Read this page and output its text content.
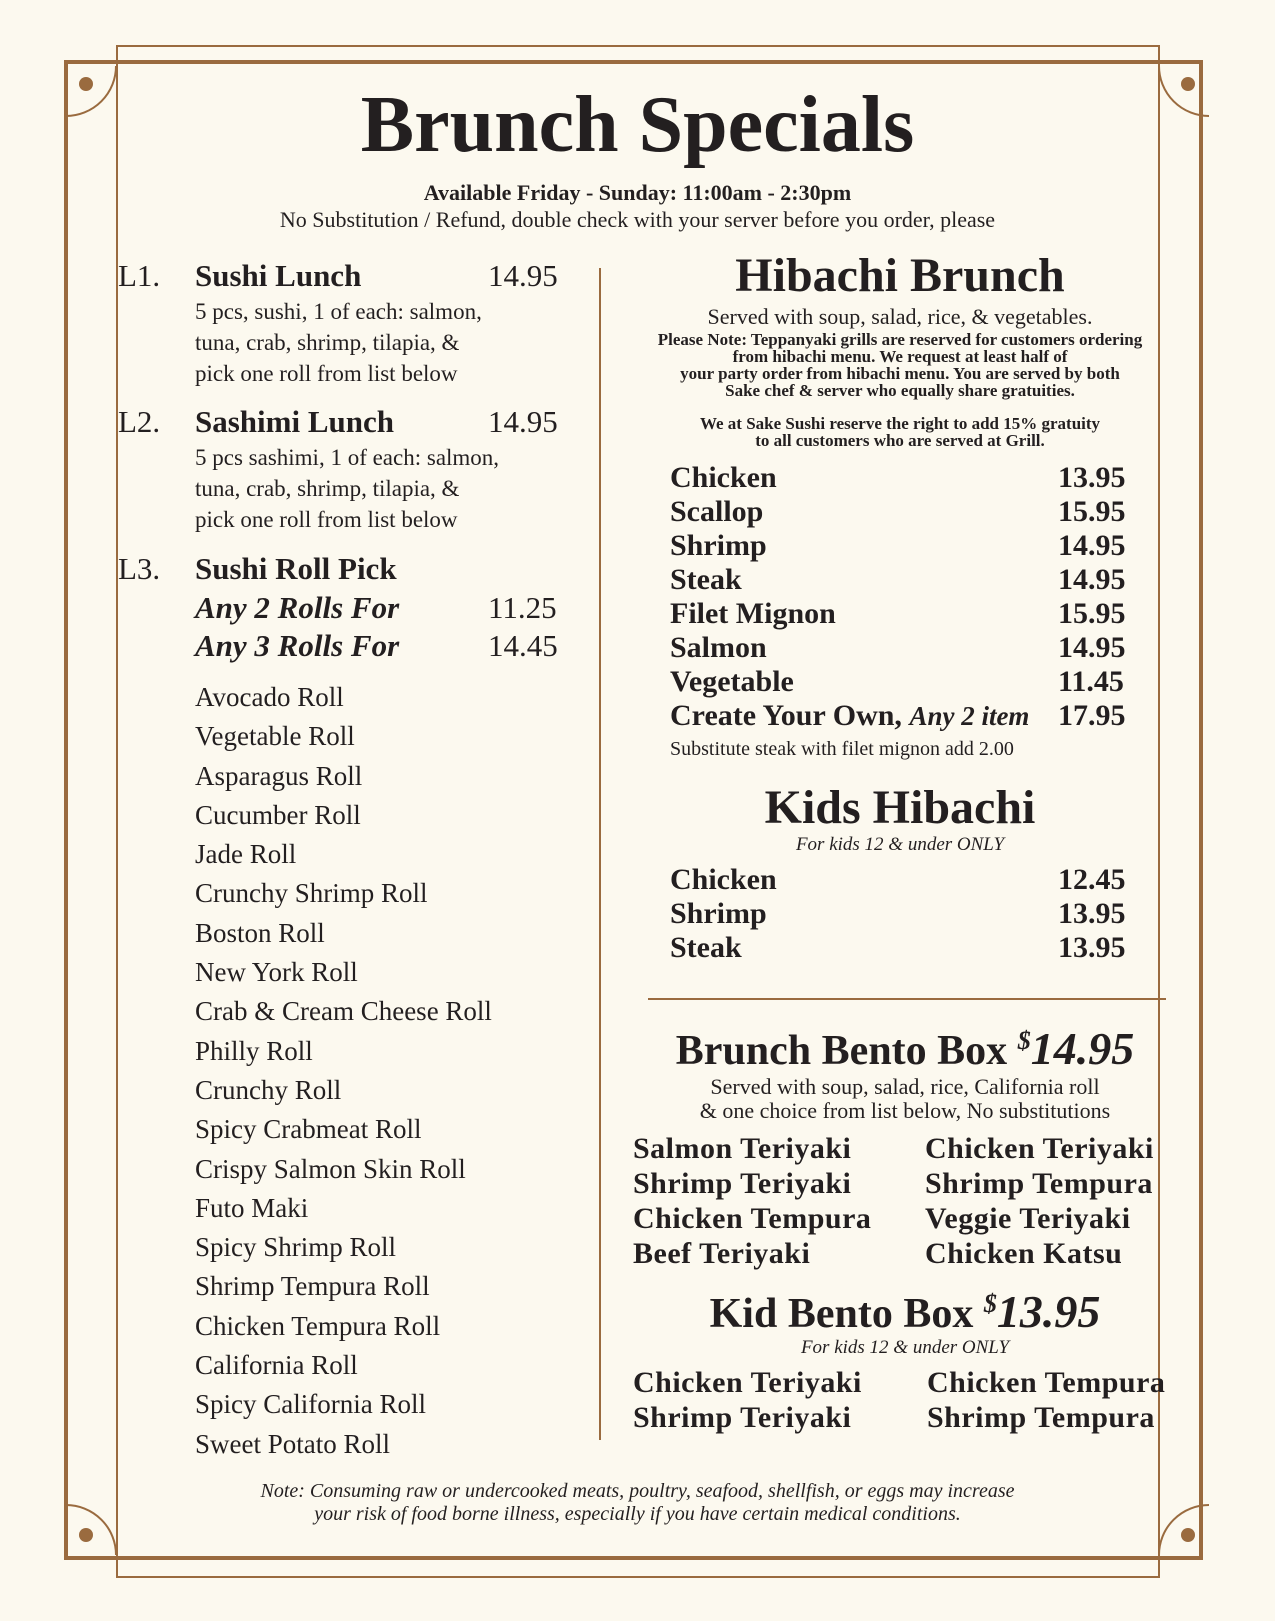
Brunch Specials
Available Friday - Sunday: 11:00am - 2:30pm
No Substitution / Refund, double check with your server before you order, please
L1. Sushi Lunch	14.95
5 pcs, sushi, 1 of each: salmon,
tuna, crab, shrimp, tilapia, &
pick one roll from list below
L2. Sashimi Lunch	14.95
5 pcs sashimi, 1 of each: salmon,
tuna, crab, shrimp, tilapia, &
pick one roll from list below
L3. Sushi Roll Pick
Any 2 Rolls For	11.25
Any 3 Rolls For	14.45
Avocado Roll
Vegetable Roll
Asparagus Roll
Cucumber Roll
Jade Roll
Crunchy Shrimp Roll
Boston Roll
New York Roll
Crab & Cream Cheese Roll
Philly Roll
Crunchy Roll
Spicy Crabmeat Roll
Crispy Salmon Skin Roll
Futo Maki
Spicy Shrimp Roll
Shrimp Tempura Roll
Chicken Tempura Roll
California Roll
Spicy California Roll
Sweet Potato Roll
Hibachi Brunch
Served with soup, salad, rice, & vegetables.
Please Note: Teppanyaki grills are reserved for customers ordering
from hibachi menu. We request at least half of
your party order from hibachi menu. You are served by both
Sake chef & server who equally share gratuities.
We at Sake Sushi reserve the right to add 15% gratuity
to all customers who are served at Grill.
Chicken	13.95
Scallop	15.95
Shrimp	14.95
Steak	14.95
Filet Mignon	15.95
Salmon	14.95
Vegetable	11.45
Create Your Own, Any 2 item 17.95
Substitute steak with filet mignon add 2.00
Kids Hibachi
For kids 12 & under ONLY
Chicken	12.45
Shrimp	13.95
Steak	13.95
Brunch Bento Box $14.95
Served with soup, salad, rice, California roll
& one choice from list below, No substitutions
Salmon Teriyaki
Shrimp Teriyaki
Chicken Tempura
Beef Teriyaki
Chicken Teriyaki
Shrimp Tempura
Veggie Teriyaki
Chicken Katsu
Kid Bento Box $13.95
For kids 12 & under ONLY
Chicken Teriyaki
Shrimp Teriyaki
Chicken Tempura
Shrimp Tempura
Note: Consuming raw or undercooked meats, poultry, seafood, shellfish, or eggs may increase
your risk of food borne illness, especially if you have certain medical conditions.
